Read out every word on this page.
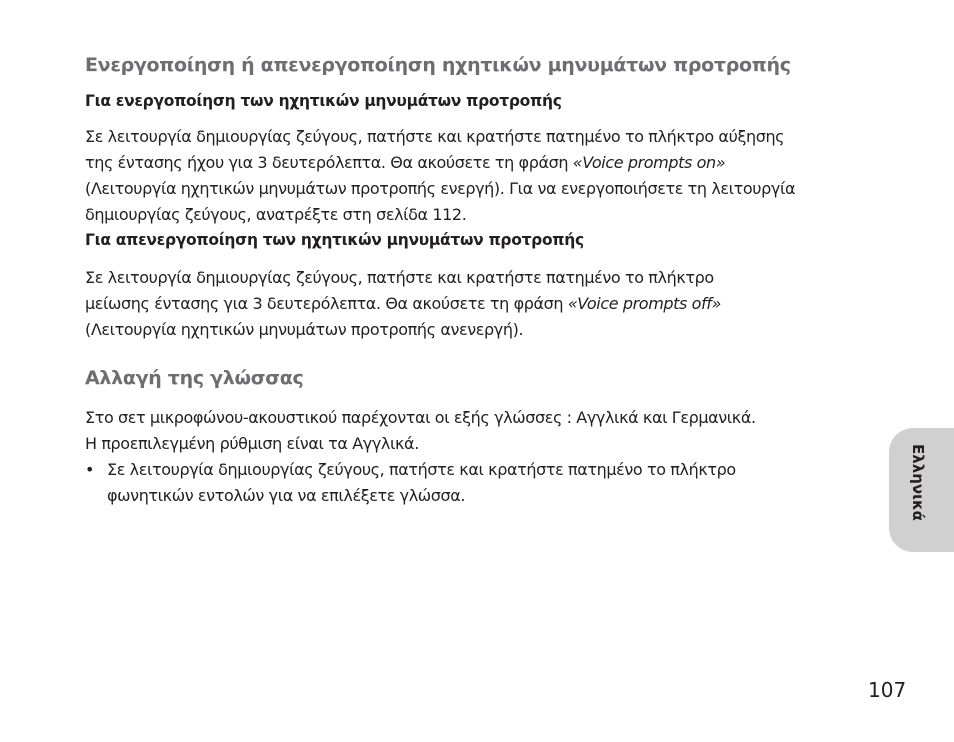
Ενεργοποίηση ή απενεργοποίηση ηχητικών μηνυμάτων προτροπής
Για ενεργοποίηση των ηχητικών μηνυμάτων προτροπής
Σε λειτουργία δημιουργίας ζεύγους, πατήστε και κρατήστε πατημένο το πλήκτρο αύξησης
της έντασης ήχου για 3 δευτερόλεπτα. Θα ακούσετε τη φράση «Voice prompts on»
(Λειτουργία ηχητικών μηνυμάτων προτροπής ενεργή). Για να ενεργοποιήσετε τη λειτουργία
δημιουργίας ζεύγους, ανατρέξτε στη σελίδα 112.
Για απενεργοποίηση των ηχητικών μηνυμάτων προτροπής
Σε λειτουργία δημιουργίας ζεύγους, πατήστε και κρατήστε πατημένο το πλήκτρο
μείωσης έντασης για 3 δευτερόλεπτα. Θα ακούσετε τη φράση «Voice prompts off»
(Λειτουργία ηχητικών μηνυμάτων προτροπής ανενεργή).
Αλλαγή της γλώσσας
Στο σετ μικροφώνου-ακουστικού παρέχονται οι εξής γλώσσες : Αγγλικά και Γερμανικά.
Η προεπιλεγμένη ρύθμιση είναι τα Αγγλικά.
• Σε λειτουργία δημιουργίας ζεύγους, πατήστε και κρατήστε πατημένο το πλήκτρο
φωνητικών εντολών για να επιλέξετε γλώσσα.	Ελληνικά
107
